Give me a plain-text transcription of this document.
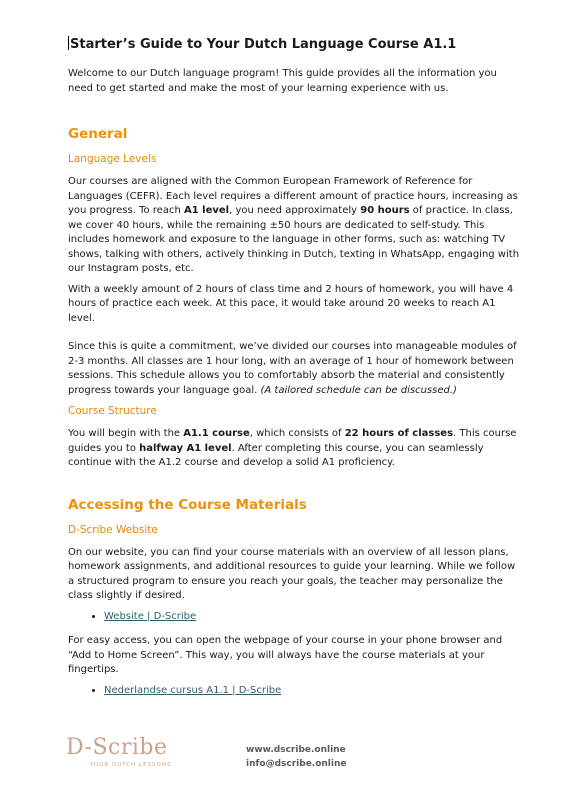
Starter’s Guide to Your Dutch Language Course A1.1

Welcome to our Dutch language program! This guide provides all the information you need to get started and make the most of your learning experience with us.

General
Language Levels

Our courses are aligned with the Common European Framework of Reference for Languages (CEFR). Each level requires a different amount of practice hours, increasing as you progress. To reach A1 level, you need approximately 90 hours of practice. In class, we cover 40 hours, while the remaining ±50 hours are dedicated to self-study. This includes homework and exposure to the language in other forms, such as: watching TV shows, talking with others, actively thinking in Dutch, texting in WhatsApp, engaging with our Instagram posts, etc.

With a weekly amount of 2 hours of class time and 2 hours of homework, you will have 4 hours of practice each week. At this pace, it would take around 20 weeks to reach A1 level.

Since this is quite a commitment, we’ve divided our courses into manageable modules of 2-3 months. All classes are 1 hour long, with an average of 1 hour of homework between sessions. This schedule allows you to comfortably absorb the material and consistently progress towards your language goal. (A tailored schedule can be discussed.)

Course Structure

You will begin with the A1.1 course, which consists of 22 hours of classes. This course guides you to halfway A1 level. After completing this course, you can seamlessly continue with the A1.2 course and develop a solid A1 proficiency.

Accessing the Course Materials
D-Scribe Website

On our website, you can find your course materials with an overview of all lesson plans, homework assignments, and additional resources to guide your learning. While we follow a structured program to ensure you reach your goals, the teacher may personalize the class slightly if desired.

• Website | D-Scribe

For easy access, you can open the webpage of your course in your phone browser and “Add to Home Screen”. This way, you will always have the course materials at your fingertips.

• Nederlandse cursus A1.1 | D-Scribe
D-Scribe
YOUR DUTCH LESSONS
www.dscribe.online
info@dscribe.online
